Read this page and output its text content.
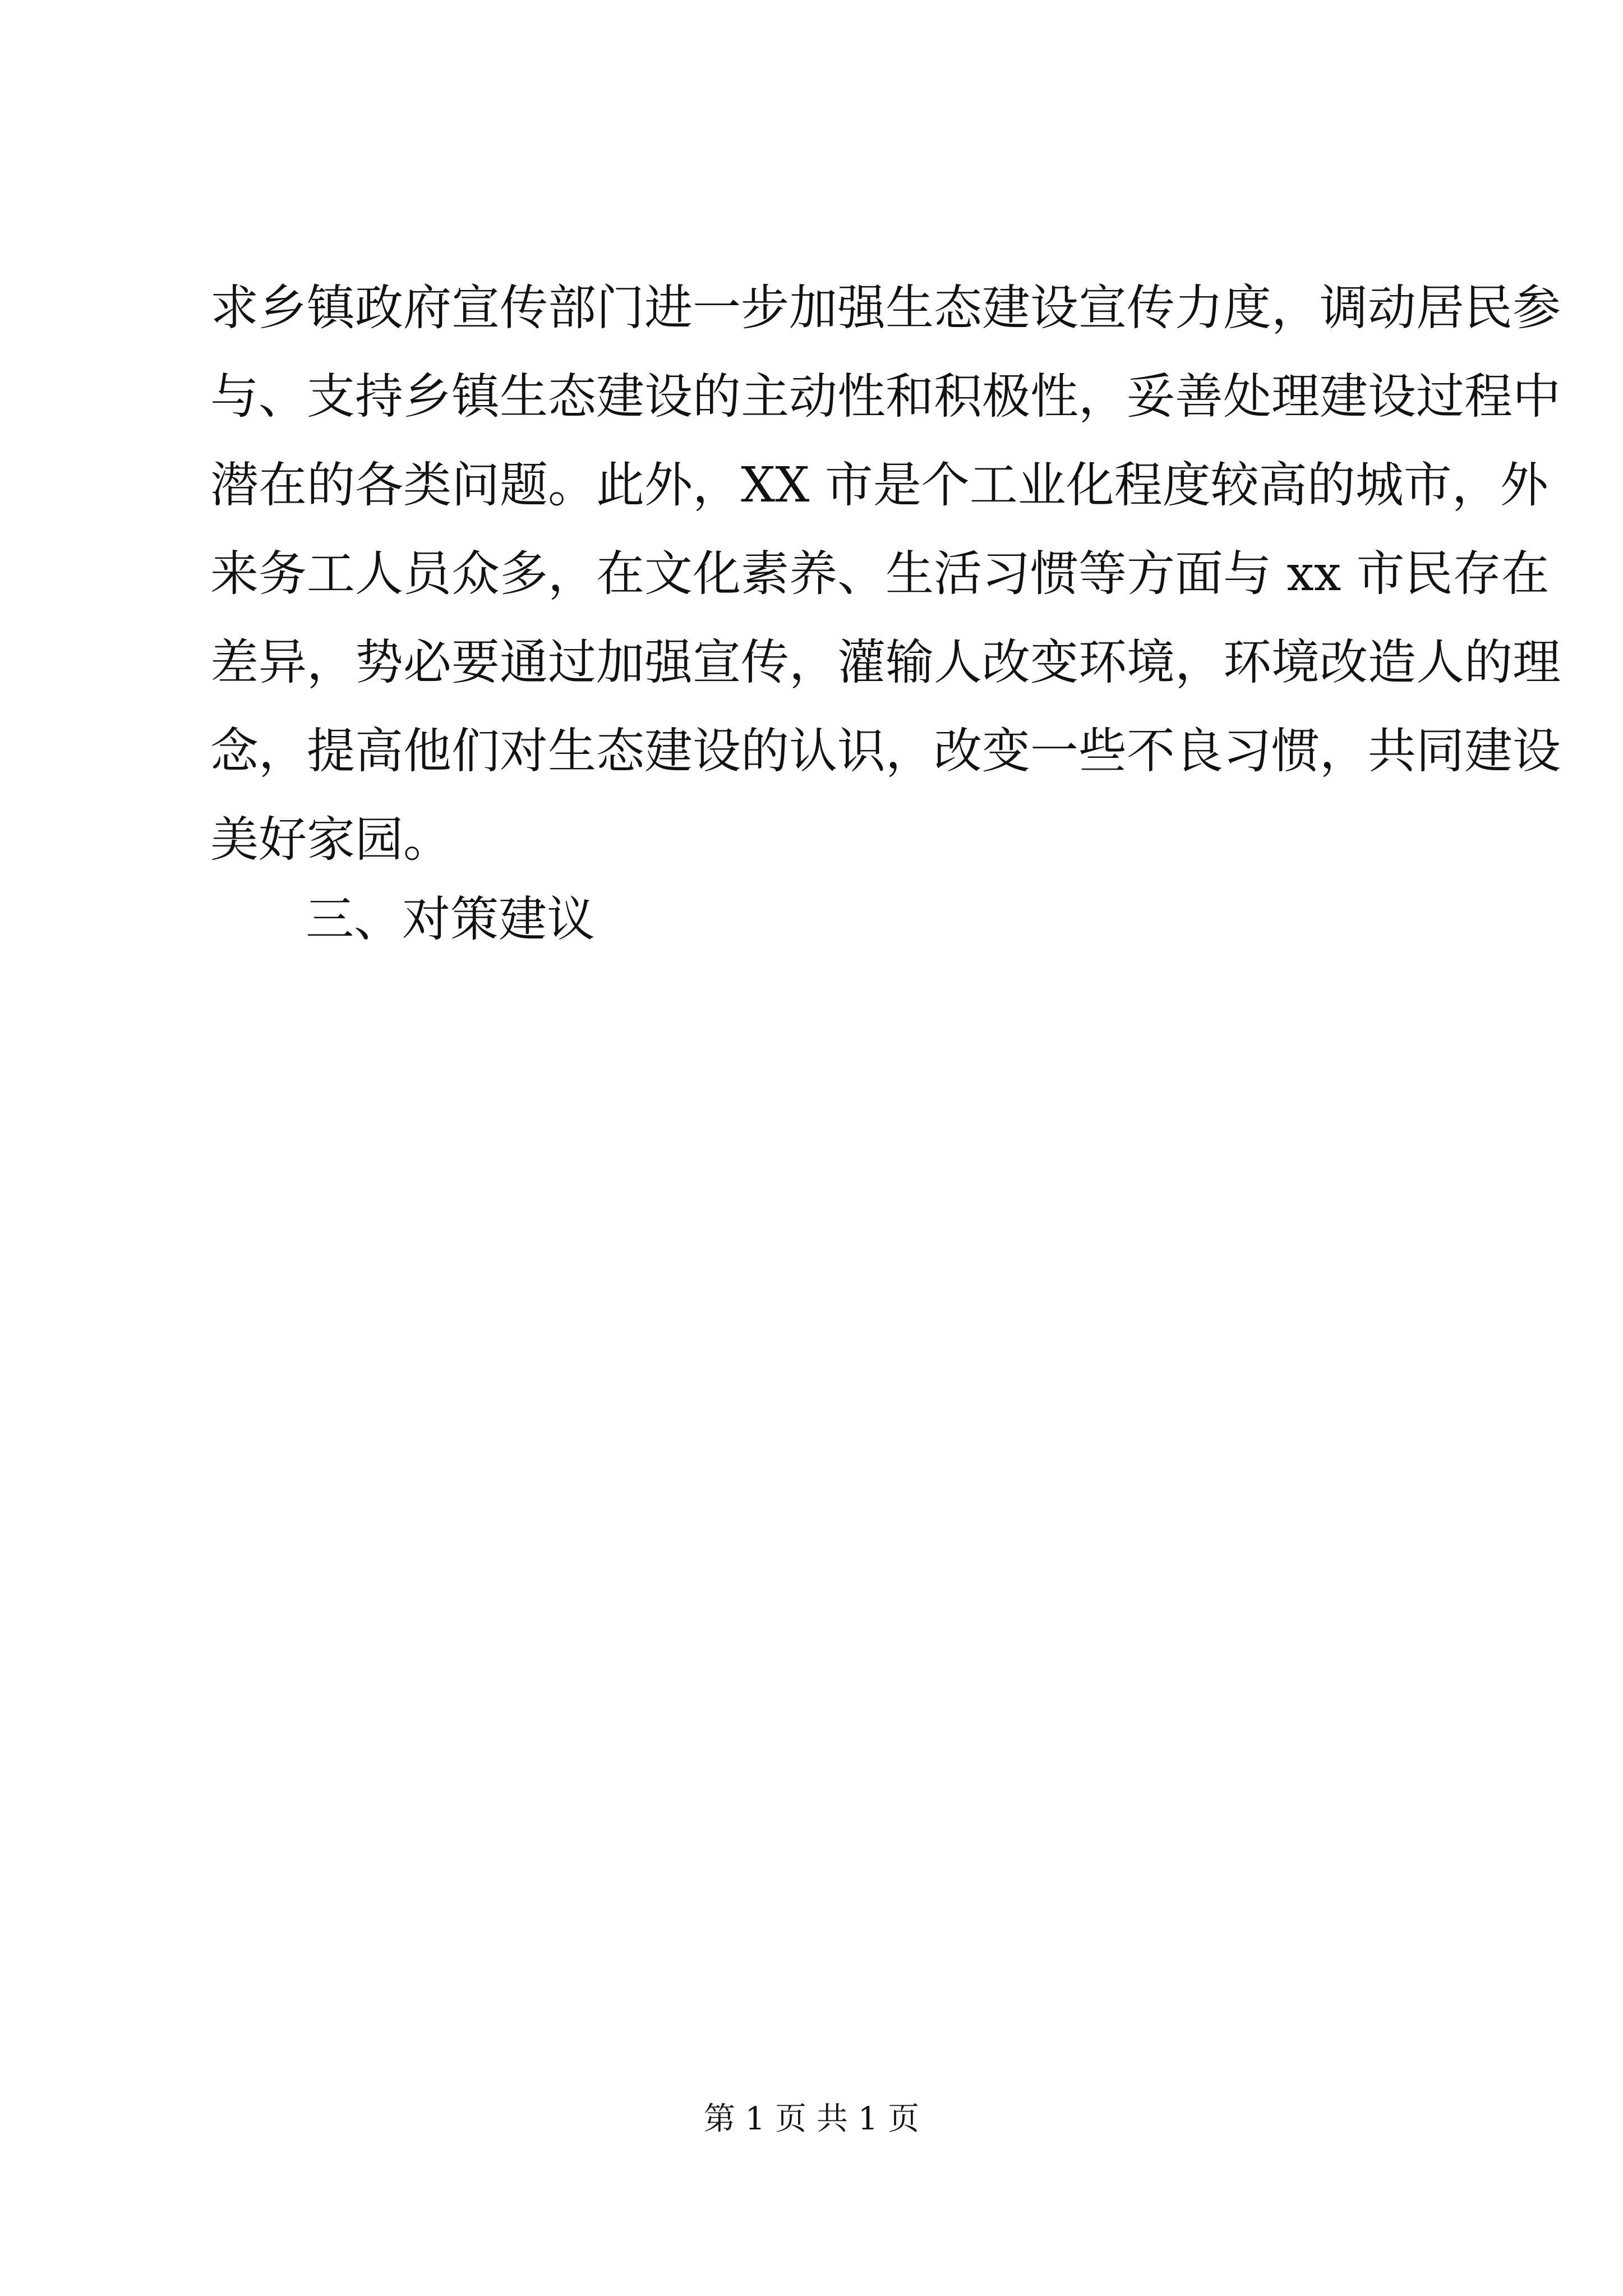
求乡镇政府宣传部门进一步加强生态建设宣传力度，调动居民参
与、支持乡镇生态建设的主动性和积极性，妥善处理建设过程中
潜在的各类问题。此外，XX 市是个工业化程度较高的城市，外
来务工人员众多，在文化素养、生活习惯等方面与 xx 市民存在
差异，势必要通过加强宣传，灌输人改变环境，环境改造人的理
念，提高他们对生态建设的认识，改变一些不良习惯，共同建设
美好家园。
三、对策建议
第 1 页 共 1 页
